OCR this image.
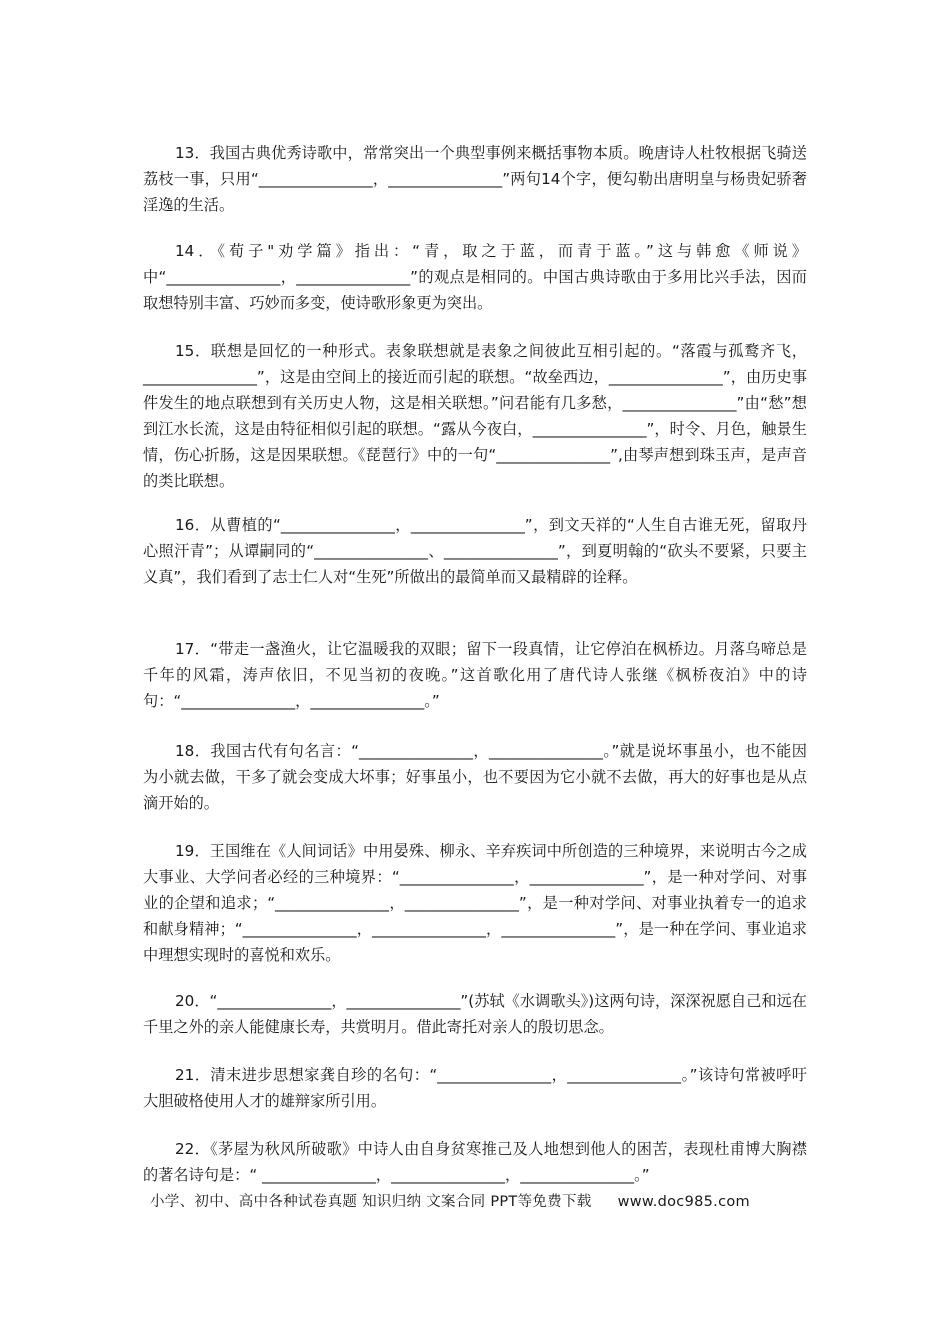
13．我国古典优秀诗歌中，常常突出一个典型事例来概括事物本质。晚唐诗人杜牧根据飞骑送荔枝一事，只用“_______________，_______________”两句14个字，便勾勒出唐明皇与杨贵妃骄奢淫逸的生活。

14．《荀子"劝学篇》指出：“青，取之于蓝，而青于蓝。”这与韩愈《师说》中“_______________，_______________”的观点是相同的。中国古典诗歌由于多用比兴手法，因而取想特别丰富、巧妙而多变，使诗歌形象更为突出。

15．联想是回忆的一种形式。表象联想就是表象之间彼此互相引起的。“落霞与孤鹜齐飞，_______________”，这是由空间上的接近而引起的联想。“故垒西边，_______________”，由历史事件发生的地点联想到有关历史人物，这是相关联想。”问君能有几多愁，_______________”由“愁”想到江水长流，这是由特征相似引起的联想。“露从今夜白，_______________”，时令、月色，触景生情，伤心折肠，这是因果联想。《琵琶行》中的一句“_______________”,由琴声想到珠玉声，是声音的类比联想。

16．从曹植的“_______________，_______________”，到文天祥的“人生自古谁无死，留取丹心照汗青”；从谭嗣同的“_______________、_______________”，到夏明翰的“砍头不要紧，只要主义真”，我们看到了志士仁人对“生死”所做出的最简单而又最精辟的诠释。

17．“带走一盏渔火，让它温暖我的双眼；留下一段真情，让它停泊在枫桥边。月落乌啼总是千年的风霜，涛声依旧，不见当初的夜晚。”这首歌化用了唐代诗人张继《枫桥夜泊》中的诗句：“_______________，_______________。”

18．我国古代有句名言：“_______________，_______________。”就是说坏事虽小，也不能因为小就去做，干多了就会变成大坏事；好事虽小，也不要因为它小就不去做，再大的好事也是从点滴开始的。

19．王国维在《人间词话》中用晏殊、柳永、辛弃疾词中所创造的三种境界，来说明古今之成大事业、大学问者必经的三种境界：“_______________，_______________”，是一种对学问、对事业的企望和追求；“_______________，_______________”，是一种对学问、对事业执着专一的追求和献身精神；“_______________，_______________，_______________”，是一种在学问、事业追求中理想实现时的喜悦和欢乐。

20．“_______________，_______________”(苏轼《水调歌头》)这两句诗，深深祝愿自己和远在千里之外的亲人能健康长寿，共赏明月。借此寄托对亲人的殷切思念。

21．清末进步思想家龚自珍的名句：“_______________，_______________。”该诗句常被呼吁大胆破格使用人才的雄辩家所引用。

22．《茅屋为秋风所破歌》中诗人由自身贫寒推己及人地想到他人的困苦，表现杜甫博大胸襟的著名诗句是：“ _______________，_______________，_______________。”

小学、初中、高中各种试卷真题 知识归纳 文案合同 PPT等免费下载 www.doc985.com
